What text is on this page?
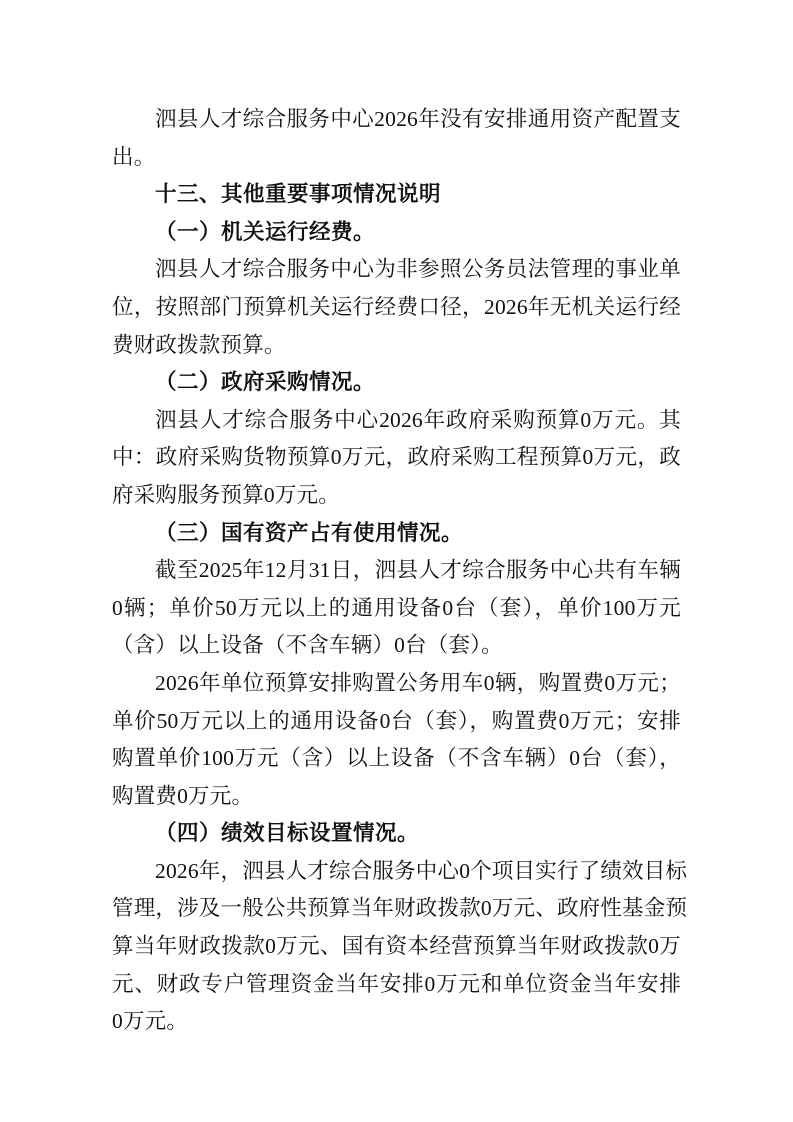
泗县人才综合服务中心2026年没有安排通用资产配置支
出。
十三、其他重要事项情况说明
（一）机关运行经费。
泗县人才综合服务中心为非参照公务员法管理的事业单
位，按照部门预算机关运行经费口径，2026年无机关运行经
费财政拨款预算。
（二）政府采购情况。
泗县人才综合服务中心2026年政府采购预算0万元。其
中：政府采购货物预算0万元，政府采购工程预算0万元，政
府采购服务预算0万元。
（三）国有资产占有使用情况。
截至2025年12月31日，泗县人才综合服务中心共有车辆
0辆；单价50万元以上的通用设备0台（套），单价100万元
（含）以上设备（不含车辆）0台（套）。
2026年单位预算安排购置公务用车0辆，购置费0万元；
单价50万元以上的通用设备0台（套），购置费0万元；安排
购置单价100万元（含）以上设备（不含车辆）0台（套），
购置费0万元。
（四）绩效目标设置情况。
2026年，泗县人才综合服务中心0个项目实行了绩效目标
管理，涉及一般公共预算当年财政拨款0万元、政府性基金预
算当年财政拨款0万元、国有资本经营预算当年财政拨款0万
元、财政专户管理资金当年安排0万元和单位资金当年安排
0万元。
